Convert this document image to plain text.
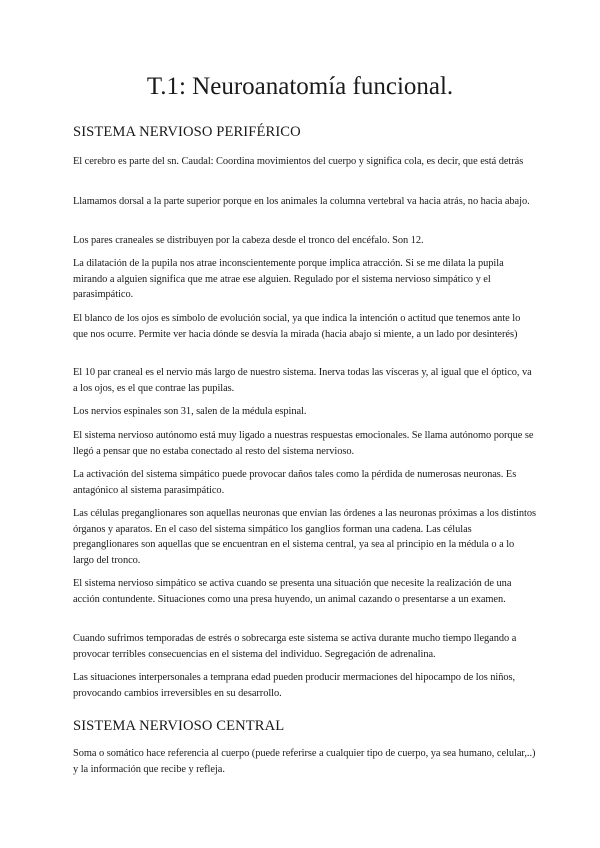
T.1: Neuroanatomía funcional.
SISTEMA NERVIOSO PERIFÉRICO

El cerebro es parte del sn. Caudal: Coordina movimientos del cuerpo y significa cola, es decir, que está detrás

Llamamos dorsal a la parte superior porque en los animales la columna vertebral va hacia atrás, no hacia abajo.

Los pares craneales se distribuyen por la cabeza desde el tronco del encéfalo. Son 12.

La dilatación de la pupila nos atrae inconscientemente porque implica atracción. Si se me dilata la pupila mirando a alguien significa que me atrae ese alguien. Regulado por el sistema nervioso simpático y el parasimpático.

El blanco de los ojos es símbolo de evolución social, ya que indica la intención o actitud que tenemos ante lo que nos ocurre. Permite ver hacia dónde se desvía la mirada (hacia abajo si miente, a un lado por desinterés)

El 10 par craneal es el nervio más largo de nuestro sistema. Inerva todas las vísceras y, al igual que el óptico, va a los ojos, es el que contrae las pupilas.

Los nervios espinales son 31, salen de la médula espinal.

El sistema nervioso autónomo está muy ligado a nuestras respuestas emocionales. Se llama autónomo porque se llegó a pensar que no estaba conectado al resto del sistema nervioso.

La activación del sistema simpático puede provocar daños tales como la pérdida de numerosas neuronas. Es antagónico al sistema parasimpático.

Las células preganglionares son aquellas neuronas que envían las órdenes a las neuronas próximas a los distintos órganos y aparatos. En el caso del sistema simpático los ganglios forman una cadena. Las células preganglionares son aquellas que se encuentran en el sistema central, ya sea al principio en la médula o a lo largo del tronco.

El sistema nervioso simpático se activa cuando se presenta una situación que necesite la realización de una acción contundente. Situaciones como una presa huyendo, un animal cazando o presentarse a un examen.

Cuando sufrimos temporadas de estrés o sobrecarga este sistema se activa durante mucho tiempo llegando a provocar terribles consecuencias en el sistema del individuo. Segregación de adrenalina.

Las situaciones interpersonales a temprana edad pueden producir mermaciones del hipocampo de los niños, provocando cambios irreversibles en su desarrollo.

SISTEMA NERVIOSO CENTRAL

Soma o somático hace referencia al cuerpo (puede referirse a cualquier tipo de cuerpo, ya sea humano, celular,..) y la información que recibe y refleja.
